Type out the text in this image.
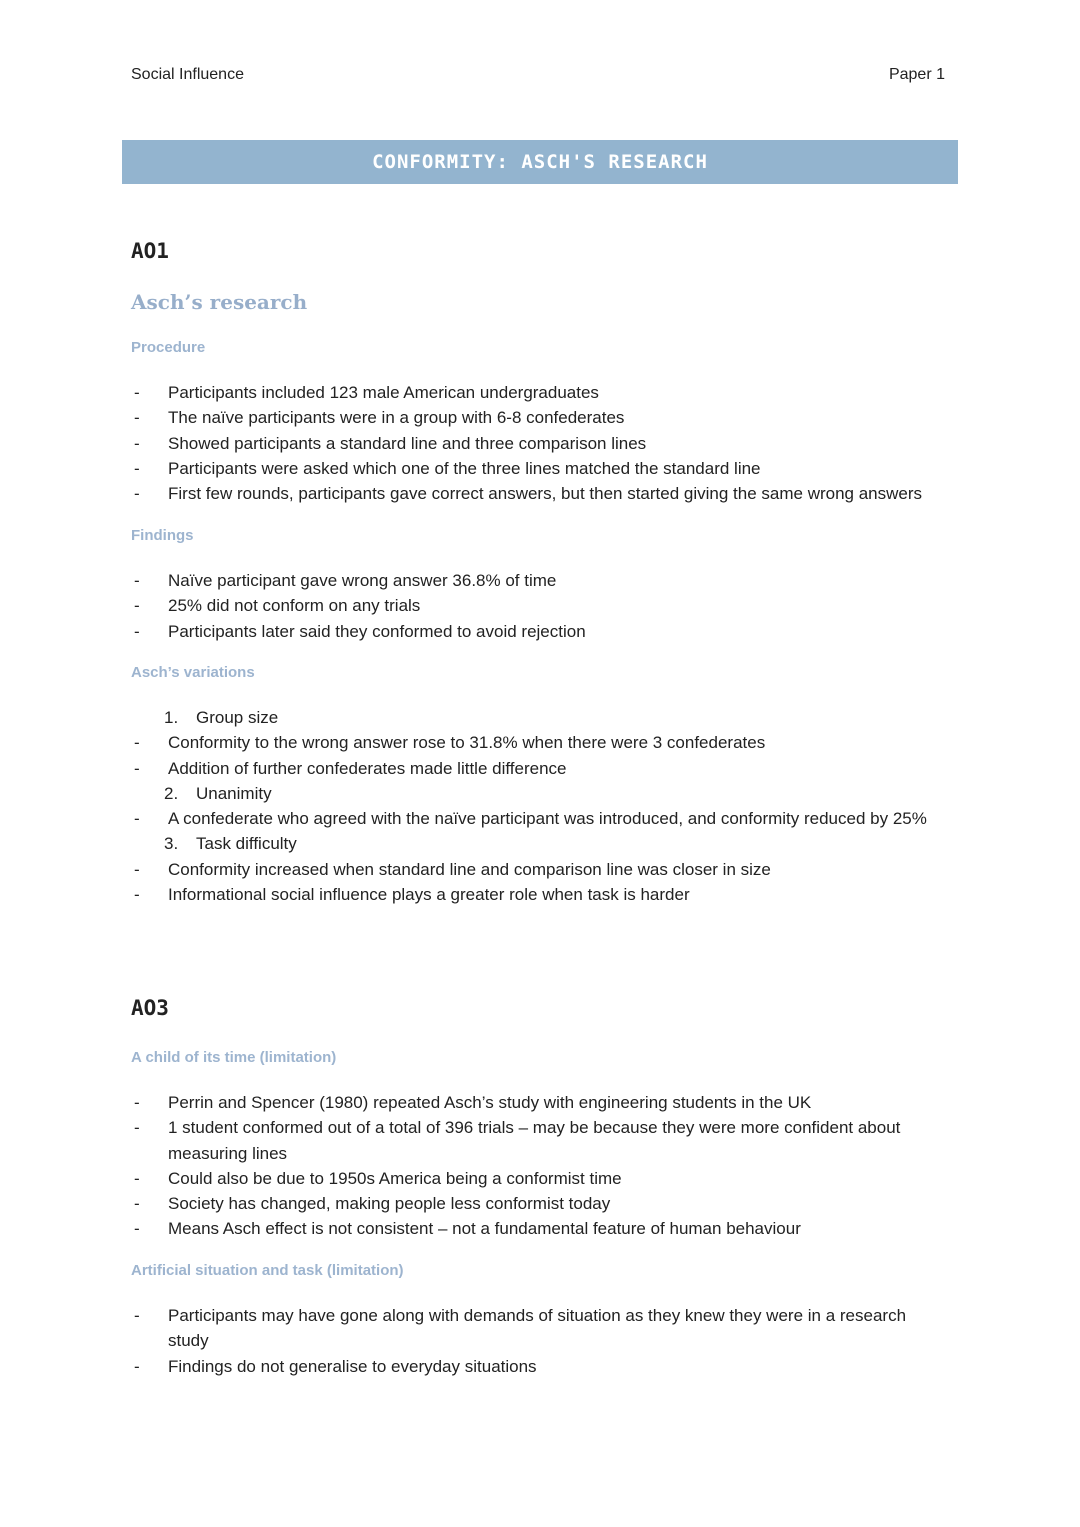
Social Influence	Paper 1
CONFORMITY: ASCH'S RESEARCH
AO1
Asch’s research
Procedure
- Participants included 123 male American undergraduates
- The naïve participants were in a group with 6-8 confederates
- Showed participants a standard line and three comparison lines
- Participants were asked which one of the three lines matched the standard line
- First few rounds, participants gave correct answers, but then started giving the same wrong answers
Findings
- Naïve participant gave wrong answer 36.8% of time
- 25% did not conform on any trials
- Participants later said they conformed to avoid rejection
Asch’s variations
1. Group size
- Conformity to the wrong answer rose to 31.8% when there were 3 confederates
- Addition of further confederates made little difference
2. Unanimity
- A confederate who agreed with the naïve participant was introduced, and conformity reduced by 25%
3. Task difficulty
- Conformity increased when standard line and comparison line was closer in size
- Informational social influence plays a greater role when task is harder
AO3
A child of its time (limitation)
- Perrin and Spencer (1980) repeated Asch’s study with engineering students in the UK
- 1 student conformed out of a total of 396 trials – may be because they were more confident about measuring lines
- Could also be due to 1950s America being a conformist time
- Society has changed, making people less conformist today
- Means Asch effect is not consistent – not a fundamental feature of human behaviour
Artificial situation and task (limitation)
- Participants may have gone along with demands of situation as they knew they were in a research study
- Findings do not generalise to everyday situations
